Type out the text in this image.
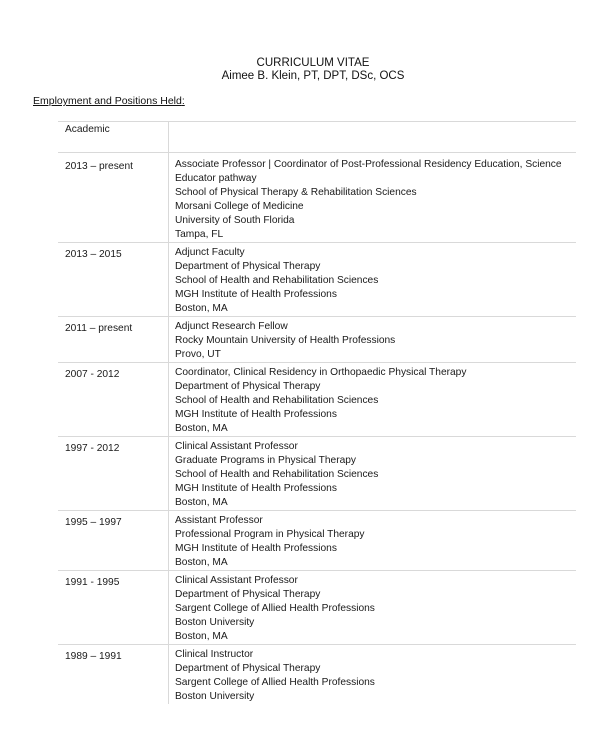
CURRICULUM VITAE
Aimee B. Klein, PT, DPT, DSc, OCS
Employment and Positions Held:
Academic
2013 – present	Associate Professor | Coordinator of Post-Professional Residency Education, Science
Educator pathway
School of Physical Therapy & Rehabilitation Sciences
Morsani College of Medicine
University of South Florida
Tampa, FL
2013 – 2015	Adjunct Faculty
Department of Physical Therapy
School of Health and Rehabilitation Sciences
MGH Institute of Health Professions
Boston, MA
2011 – present	Adjunct Research Fellow
Rocky Mountain University of Health Professions
Provo, UT
2007 - 2012	Coordinator, Clinical Residency in Orthopaedic Physical Therapy
Department of Physical Therapy
School of Health and Rehabilitation Sciences
MGH Institute of Health Professions
Boston, MA
1997 - 2012	Clinical Assistant Professor
Graduate Programs in Physical Therapy
School of Health and Rehabilitation Sciences
MGH Institute of Health Professions
Boston, MA
1995 – 1997	Assistant Professor
Professional Program in Physical Therapy
MGH Institute of Health Professions
Boston, MA
1991 - 1995	Clinical Assistant Professor
Department of Physical Therapy
Sargent College of Allied Health Professions
Boston University
Boston, MA
1989 – 1991	Clinical Instructor
Department of Physical Therapy
Sargent College of Allied Health Professions
Boston University
